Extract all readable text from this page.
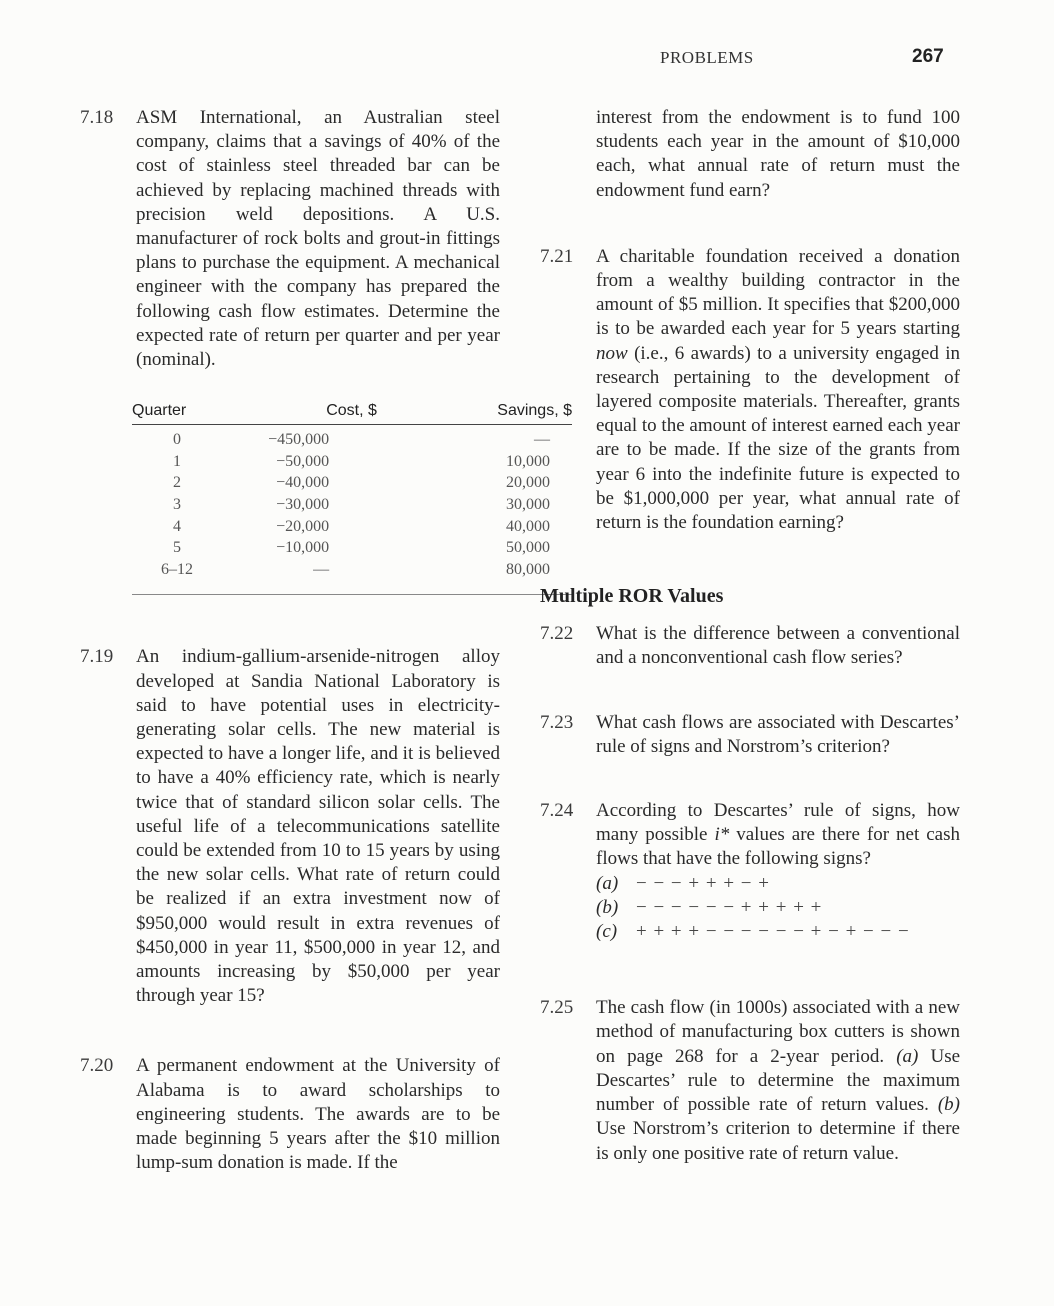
PROBLEMS	267
7.18	ASM International, an Australian steel company, claims that a savings of 40% of the cost of stainless steel threaded bar can be achieved by replacing machined threads with precision weld depositions. A U.S. manufacturer of rock bolts and grout-in fittings plans to purchase the equipment. A mechanical engineer with the company has prepared the following cash flow estimates. Determine the expected rate of return per quarter and per year (nominal).
Quarter	Cost, $	Savings, $
0	−450,000	—
1	−50,000	10,000
2	−40,000	20,000
3	−30,000	30,000
4	−20,000	40,000
5	−10,000	50,000
6–12	—	80,000
7.19	An indium-gallium-arsenide-nitrogen alloy developed at Sandia National Laboratory is said to have potential uses in electricity-generating solar cells. The new material is expected to have a longer life, and it is believed to have a 40% efficiency rate, which is nearly twice that of standard silicon solar cells. The useful life of a telecommunications satellite could be extended from 10 to 15 years by using the new solar cells. What rate of return could be realized if an extra investment now of $950,000 would result in extra revenues of $450,000 in year 11, $500,000 in year 12, and amounts increasing by $50,000 per year through year 15?
7.20	A permanent endowment at the University of Alabama is to award scholarships to engineering students. The awards are to be made beginning 5 years after the $10 million lump-sum donation is made. If the
interest from the endowment is to fund 100 students each year in the amount of $10,000 each, what annual rate of return must the endowment fund earn?
7.21	A charitable foundation received a donation from a wealthy building contractor in the amount of $5 million. It specifies that $200,000 is to be awarded each year for 5 years starting now (i.e., 6 awards) to a university engaged in research pertaining to the development of layered composite materials. Thereafter, grants equal to the amount of interest earned each year are to be made. If the size of the grants from year 6 into the indefinite future is expected to be $1,000,000 per year, what annual rate of return is the foundation earning?
Multiple ROR Values
7.22	What is the difference between a conventional and a nonconventional cash flow series?
7.23	What cash flows are associated with Descartes’ rule of signs and Norstrom’s criterion?
7.24	According to Descartes’ rule of signs, how many possible i* values are there for net cash flows that have the following signs?
(a) − − − + + + − +
(b) − − − − − − + + + + +
(c) + + + + − − − − − − + − + − − −
7.25	The cash flow (in 1000s) associated with a new method of manufacturing box cutters is shown on page 268 for a 2-year period. (a) Use Descartes’ rule to determine the maximum number of possible rate of return values. (b) Use Norstrom’s criterion to determine if there is only one positive rate of return value.
